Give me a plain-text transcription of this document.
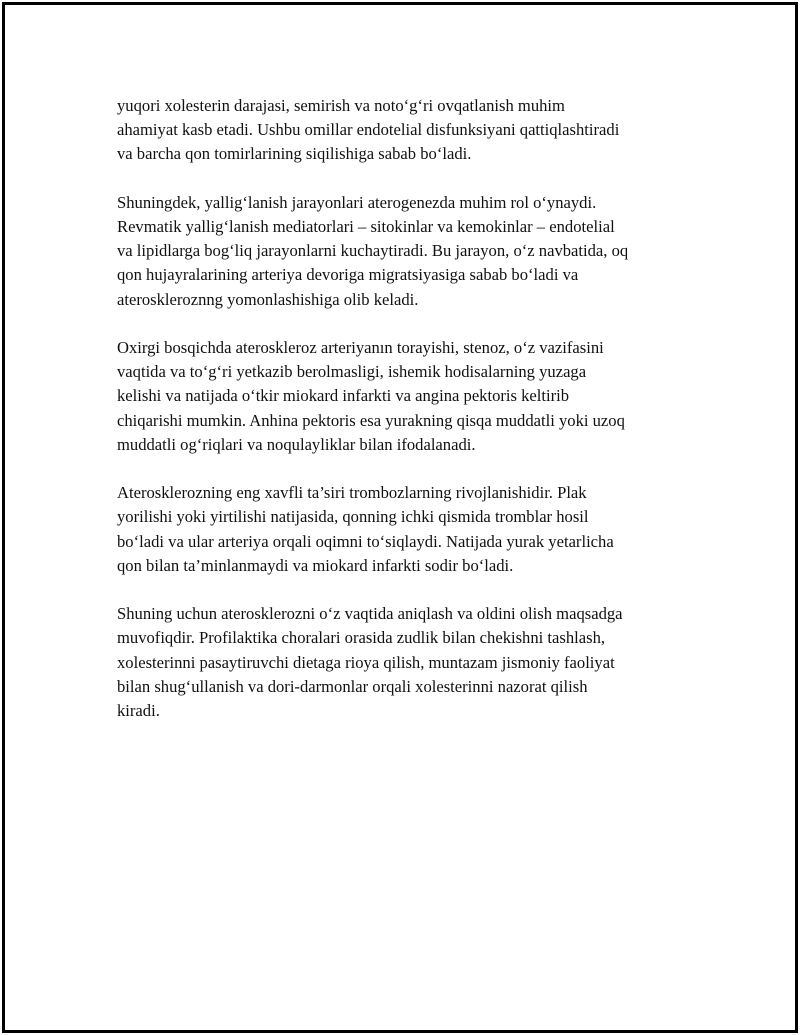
yuqori xolesterin darajasi, semirish va noto‘g‘ri ovqatlanish muhim
ahamiyat kasb etadi. Ushbu omillar endotelial disfunksiyani qattiqlashtiradi
va barcha qon tomirlarining siqilishiga sabab bo‘ladi.

Shuningdek, yallig‘lanish jarayonlari aterogenezda muhim rol o‘ynaydi.
Revmatik yallig‘lanish mediatorlari – sitokinlar va kemokinlar – endotelial
va lipidlarga bog‘liq jarayonlarni kuchaytiradi. Bu jarayon, o‘z navbatida, oq
qon hujayralarining arteriya devoriga migratsiyasiga sabab bo‘ladi va
ateroskleroznng yomonlashishiga olib keladi.

Oxirgi bosqichda ateroskleroz arteriyanın torayishi, stenoz, o‘z vazifasini
vaqtida va to‘g‘ri yetkazib berolmasligi, ishemik hodisalarning yuzaga
kelishi va natijada o‘tkir miokard infarkti va angina pektoris keltirib
chiqarishi mumkin. Anhina pektoris esa yurakning qisqa muddatli yoki uzoq
muddatli og‘riqlari va noqulayliklar bilan ifodalanadi.

Aterosklerozning eng xavfli ta’siri trombozlarning rivojlanishidir. Plak
yorilishi yoki yirtilishi natijasida, qonning ichki qismida tromblar hosil
bo‘ladi va ular arteriya orqali oqimni to‘siqlaydi. Natijada yurak yetarlicha
qon bilan ta’minlanmaydi va miokard infarkti sodir bo‘ladi.

Shuning uchun aterosklerozni o‘z vaqtida aniqlash va oldini olish maqsadga
muvofiqdir. Profilaktika choralari orasida zudlik bilan chekishni tashlash,
xolesterinni pasaytiruvchi dietaga rioya qilish, muntazam jismoniy faoliyat
bilan shug‘ullanish va dori-darmonlar orqali xolesterinni nazorat qilish
kiradi.
